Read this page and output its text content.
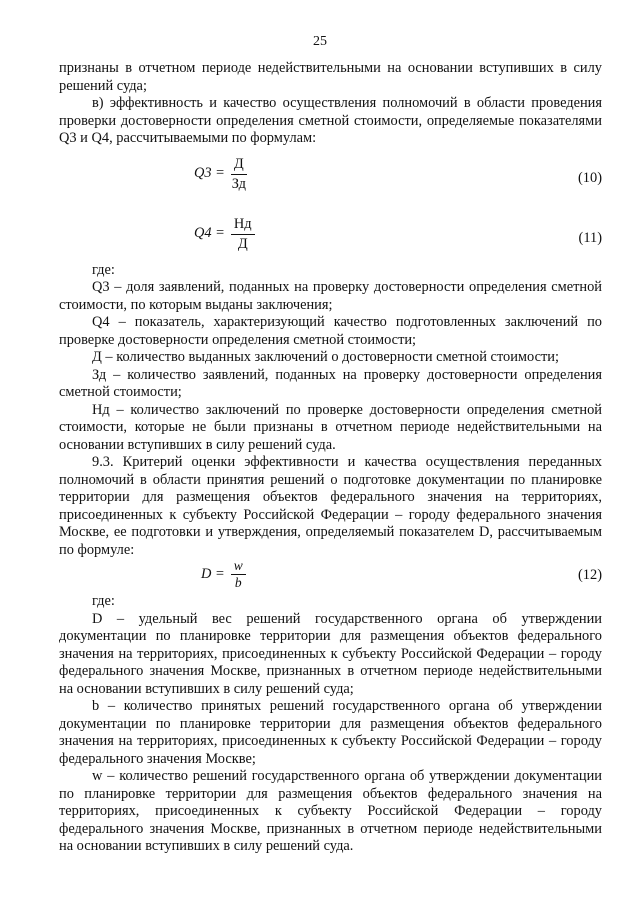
25

признаны в отчетном периоде недействительными на основании вступивших в силу решений суда;

в) эффективность и качество осуществления полномочий в области проведения проверки достоверности определения сметной стоимости, определяемые показателями Q3 и Q4, рассчитываемыми по формулам:

$Q3 = \frac{Д}{Зд}$	(10)
$Q4 = \frac{Нд}{Д}$	(11)

где:

Q3 – доля заявлений, поданных на проверку достоверности определения сметной стоимости, по которым выданы заключения;

Q4 – показатель, характеризующий качество подготовленных заключений по проверке достоверности определения сметной стоимости;

Д – количество выданных заключений о достоверности сметной стоимости;

Зд – количество заявлений, поданных на проверку достоверности определения сметной стоимости;

Нд – количество заключений по проверке достоверности определения сметной стоимости, которые не были признаны в отчетном периоде недействительными на основании вступивших в силу решений суда.

9.3. Критерий оценки эффективности и качества осуществления переданных полномочий в области принятия решений о подготовке документации по планировке территории для размещения объектов федерального значения на территориях, присоединенных к субъекту Российской Федерации – городу федерального значения Москве, ее подготовки и утверждения, определяемый показателем D, рассчитываемым по формуле:

$D = \frac{w}{b}$	(12)

где:

D – удельный вес решений государственного органа об утверждении документации по планировке территории для размещения объектов федерального значения на территориях, присоединенных к субъекту Российской Федерации – городу федерального значения Москве, признанных в отчетном периоде недействительными на основании вступивших в силу решений суда;

b – количество принятых решений государственного органа об утверждении документации по планировке территории для размещения объектов федерального значения на территориях, присоединенных к субъекту Российской Федерации – городу федерального значения Москве;

w – количество решений государственного органа об утверждении документации по планировке территории для размещения объектов федерального значения на территориях, присоединенных к субъекту Российской Федерации – городу федерального значения Москве, признанных в отчетном периоде недействительными на основании вступивших в силу решений суда.
